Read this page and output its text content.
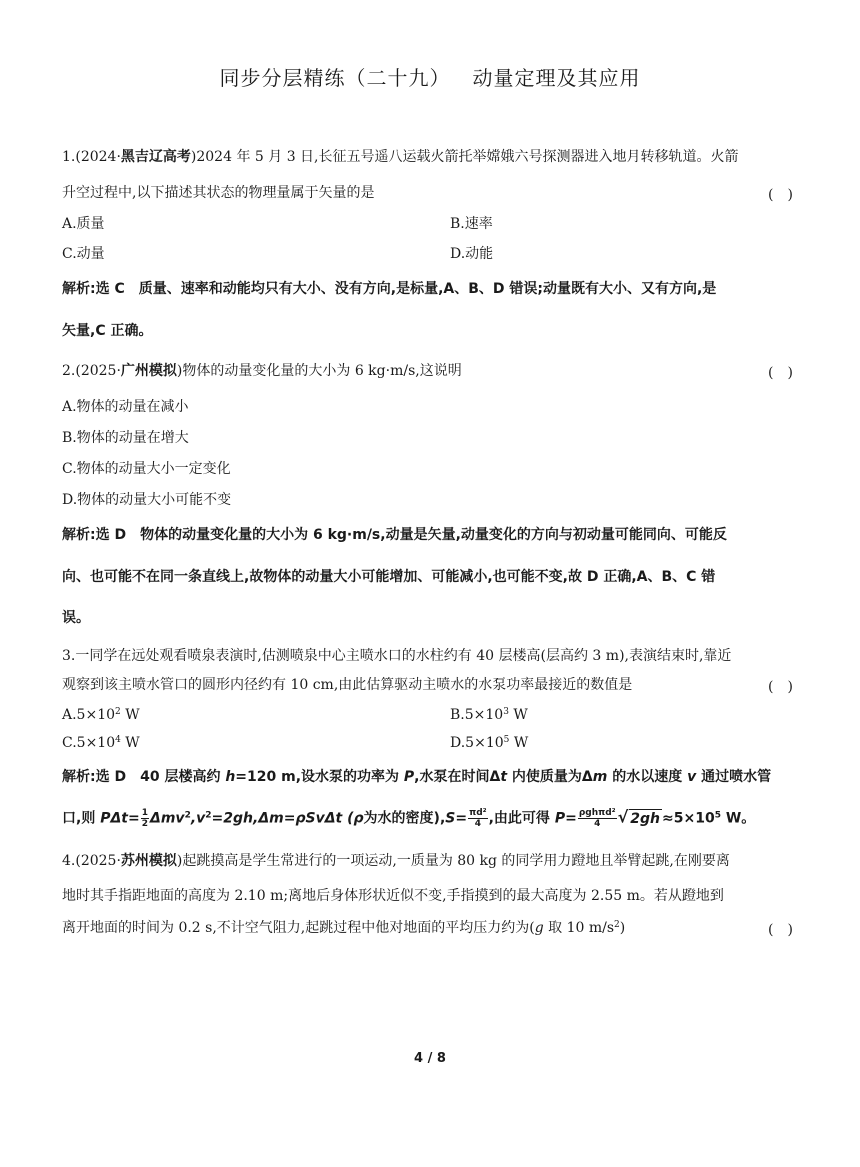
同步分层精练（二十九） 动量定理及其应用
1.(2024·黑吉辽高考)2024 年 5 月 3 日,长征五号遥八运载火箭托举嫦娥六号探测器进入地月转移轨道。火箭
升空过程中,以下描述其状态的物理量属于矢量的是	(　)
A.质量	B.速率
C.动量	D.动能
解析:选 C　质量、速率和动能均只有大小、没有方向,是标量,A、B、D 错误;动量既有大小、又有方向,是
矢量,C 正确。
2.(2025·广州模拟)物体的动量变化量的大小为 6 kg·m/s,这说明	(　)
A.物体的动量在减小
B.物体的动量在增大
C.物体的动量大小一定变化
D.物体的动量大小可能不变
解析:选 D　物体的动量变化量的大小为 6 kg·m/s,动量是矢量,动量变化的方向与初动量可能同向、可能反
向、也可能不在同一条直线上,故物体的动量大小可能增加、可能减小,也可能不变,故 D 正确,A、B、C 错
误。
3.一同学在远处观看喷泉表演时,估测喷泉中心主喷水口的水柱约有 40 层楼高(层高约 3 m),表演结束时,靠近
观察到该主喷水管口的圆形内径约有 10 cm,由此估算驱动主喷水的水泵功率最接近的数值是	(　)
$A.5\times 10^2$ W	$B.5\times 10^3$ W
$C.5\times 10^4$ W	$D.5\times 10^5$ W
解析:选 D　40 层楼高约 h=120 m,设水泵的功率为 P,水泵在时间Δt 内使质量为Δm 的水以速度 v 通过喷水管
口,则 $P\Delta t= \frac{1}{2} \Delta mv^2,v^2=2gh,\Delta m=\rho Sv\Delta t$ (ρ为水的密度)$,S= \frac{\text{πd²}}{4}$ ,由此可得 $P= \frac{\text{ρghπd²}}{4}$ √ $2gh \approx 5\times 10^5$ W。
4.(2025·苏州模拟)起跳摸高是学生常进行的一项运动,一质量为 80 kg 的同学用力蹬地且举臂起跳,在刚要离
地时其手指距地面的高度为 2.10 m;离地后身体形状近似不变,手指摸到的最大高度为 2.55 m。若从蹬地到
离开地面的时间为 0.2 s,不计空气阻力,起跳过程中他对地面的平均压力约为(g 取 10 $m/s^2$)	(　)
4 / 8
